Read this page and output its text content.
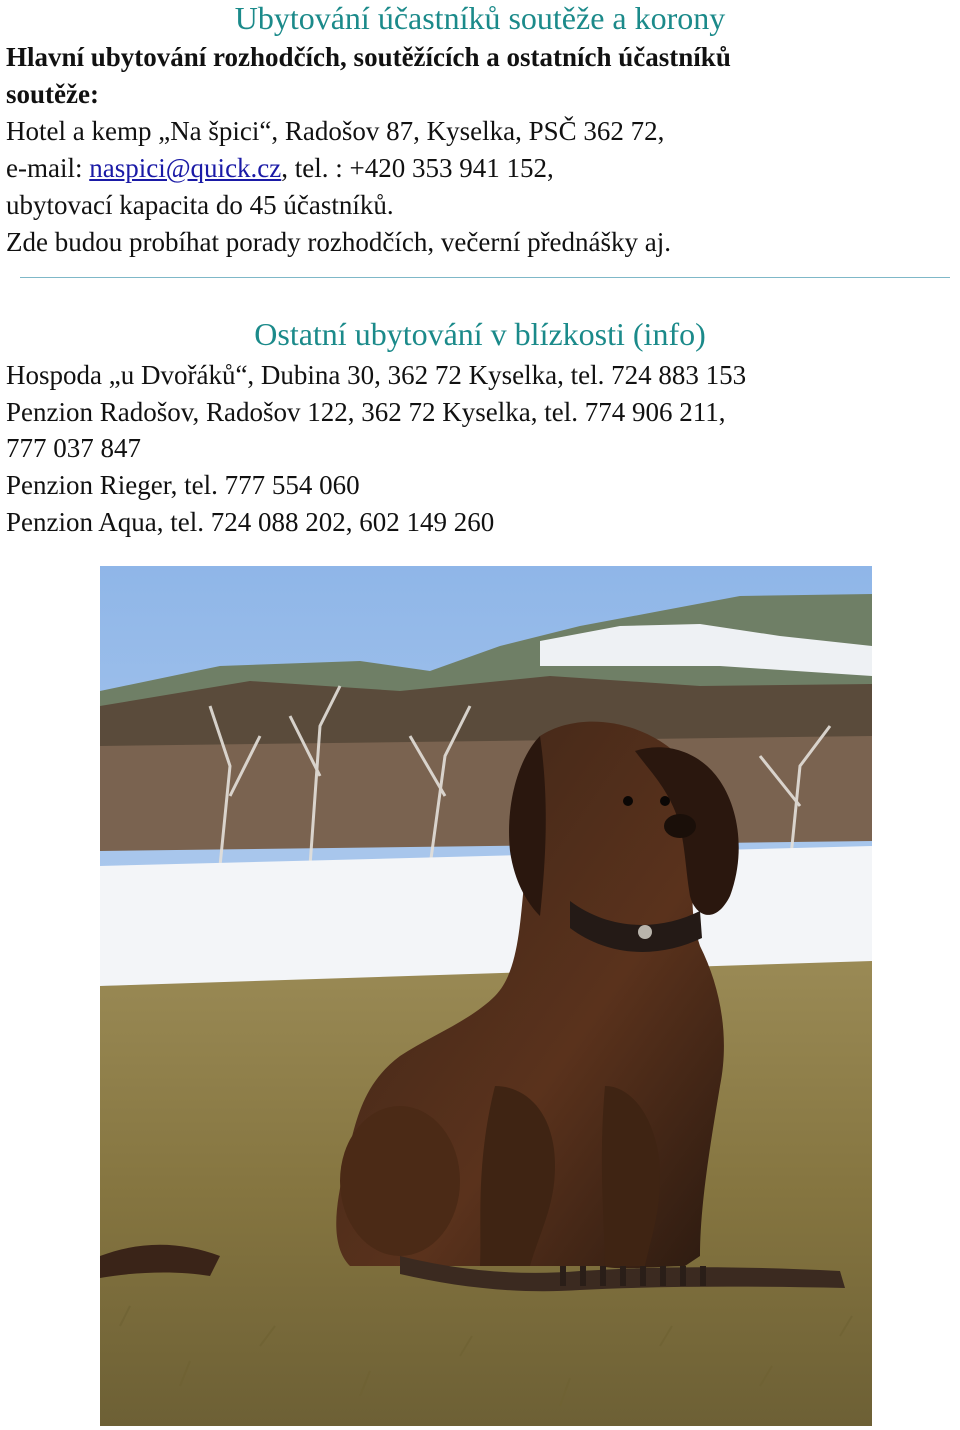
Ubytování účastníků soutěže a korony

Hlavní ubytování rozhodčích, soutěžících a ostatních účastníků

soutěže:

Hotel a kemp „Na špici“, Radošov 87, Kyselka, PSČ 362 72,

e-mail: naspici@quick.cz, tel. : +420 353 941 152,

ubytovací kapacita do 45 účastníků.

Zde budou probíhat porady rozhodčích, večerní přednášky aj.

Ostatní ubytování v blízkosti (info)

Hospoda „u Dvořáků“, Dubina 30, 362 72 Kyselka, tel. 724 883 153

Penzion Radošov, Radošov 122, 362 72 Kyselka, tel. 774 906 211,

777 037 847

Penzion Rieger, tel. 777 554 060

Penzion Aqua, tel. 724 088 202, 602 149 260
